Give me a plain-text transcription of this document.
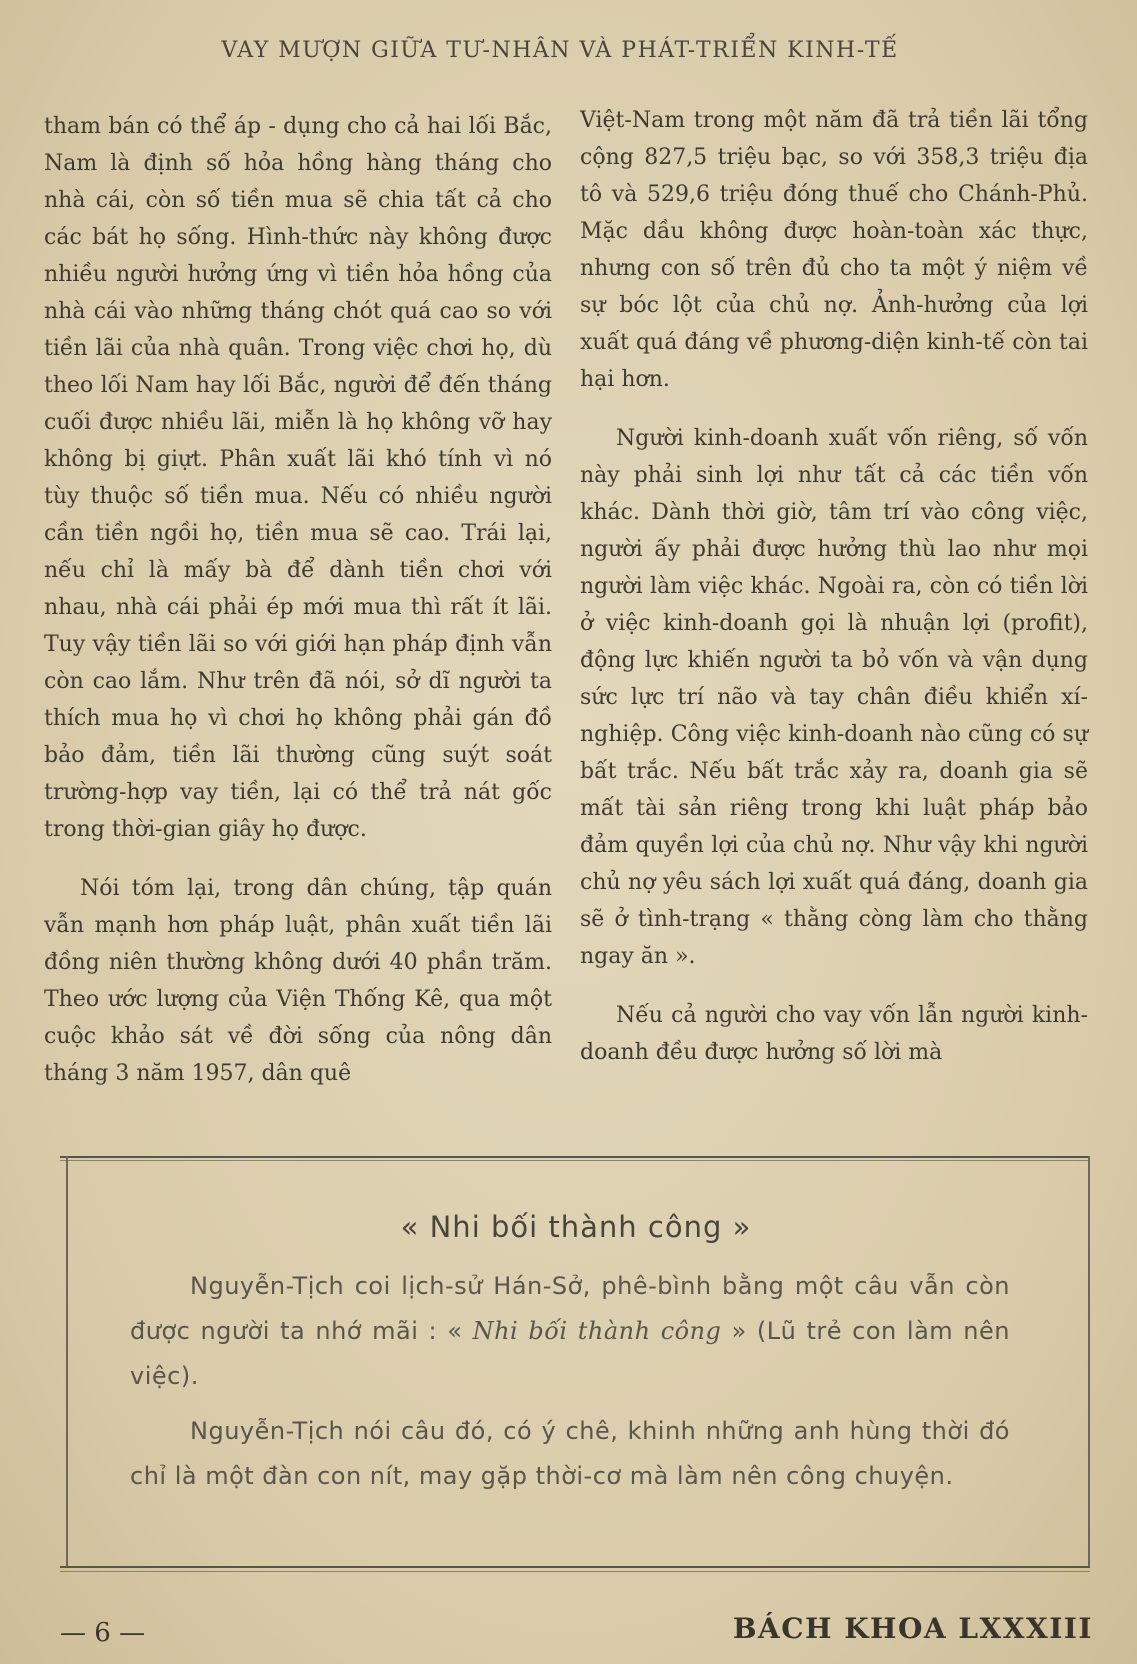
VAY MƯỢN GIỮA TƯ-NHÂN VÀ PHÁT-TRIỂN KINH-TẾ

tham bán có thể áp - dụng cho cả hai lối Bắc, Nam là định số hỏa hồng hàng tháng cho nhà cái, còn số tiền mua sẽ chia tất cả cho các bát họ sống. Hình-thức này không được nhiều người hưởng ứng vì tiền hỏa hồng của nhà cái vào những tháng chót quá cao so với tiền lãi của nhà quân. Trong việc chơi họ, dù theo lối Nam hay lối Bắc, người để đến tháng cuối được nhiều lãi, miễn là họ không vỡ hay không bị giựt. Phân xuất lãi khó tính vì nó tùy thuộc số tiền mua. Nếu có nhiều người cần tiền ngồi họ, tiền mua sẽ cao. Trái lại, nếu chỉ là mấy bà để dành tiền chơi với nhau, nhà cái phải ép mới mua thì rất ít lãi. Tuy vậy tiền lãi so với giới hạn pháp định vẫn còn cao lắm. Như trên đã nói, sở dĩ người ta thích mua họ vì chơi họ không phải gán đồ bảo đảm, tiền lãi thường cũng suýt soát trường-hợp vay tiền, lại có thể trả nát gốc trong thời-gian giây họ được.

Nói tóm lại, trong dân chúng, tập quán vẫn mạnh hơn pháp luật, phân xuất tiền lãi đồng niên thường không dưới 40 phần trăm. Theo ước lượng của Viện Thống Kê, qua một cuộc khảo sát về đời sống của nông dân tháng 3 năm 1957, dân quê

Việt-Nam trong một năm đã trả tiền lãi tổng cộng 827,5 triệu bạc, so với 358,3 triệu địa tô và 529,6 triệu đóng thuế cho Chánh-Phủ. Mặc dầu không được hoàn-toàn xác thực, nhưng con số trên đủ cho ta một ý niệm về sự bóc lột của chủ nợ. Ảnh-hưởng của lợi xuất quá đáng về phương-diện kinh-tế còn tai hại hơn.

Người kinh-doanh xuất vốn riêng, số vốn này phải sinh lợi như tất cả các tiền vốn khác. Dành thời giờ, tâm trí vào công việc, người ấy phải được hưởng thù lao như mọi người làm việc khác. Ngoài ra, còn có tiền lời ở việc kinh-doanh gọi là nhuận lợi (profit), động lực khiến người ta bỏ vốn và vận dụng sức lực trí não và tay chân điều khiển xí-nghiệp. Công việc kinh-doanh nào cũng có sự bất trắc. Nếu bất trắc xảy ra, doanh gia sẽ mất tài sản riêng trong khi luật pháp bảo đảm quyền lợi của chủ nợ. Như vậy khi người chủ nợ yêu sách lợi xuất quá đáng, doanh gia sẽ ở tình-trạng « thằng còng làm cho thằng ngay ăn ».

Nếu cả người cho vay vốn lẫn người kinh-doanh đều được hưởng số lời mà

« Nhi bối thành công »

Nguyễn-Tịch coi lịch-sử Hán-Sở, phê-bình bằng một câu vẫn còn được người ta nhớ mãi : « Nhi bối thành công » (Lũ trẻ con làm nên việc).

Nguyễn-Tịch nói câu đó, có ý chê, khinh những anh hùng thời đó chỉ là một đàn con nít, may gặp thời-cơ mà làm nên công chuyện.

— 6 —	BÁCH KHOA LXXXIII
